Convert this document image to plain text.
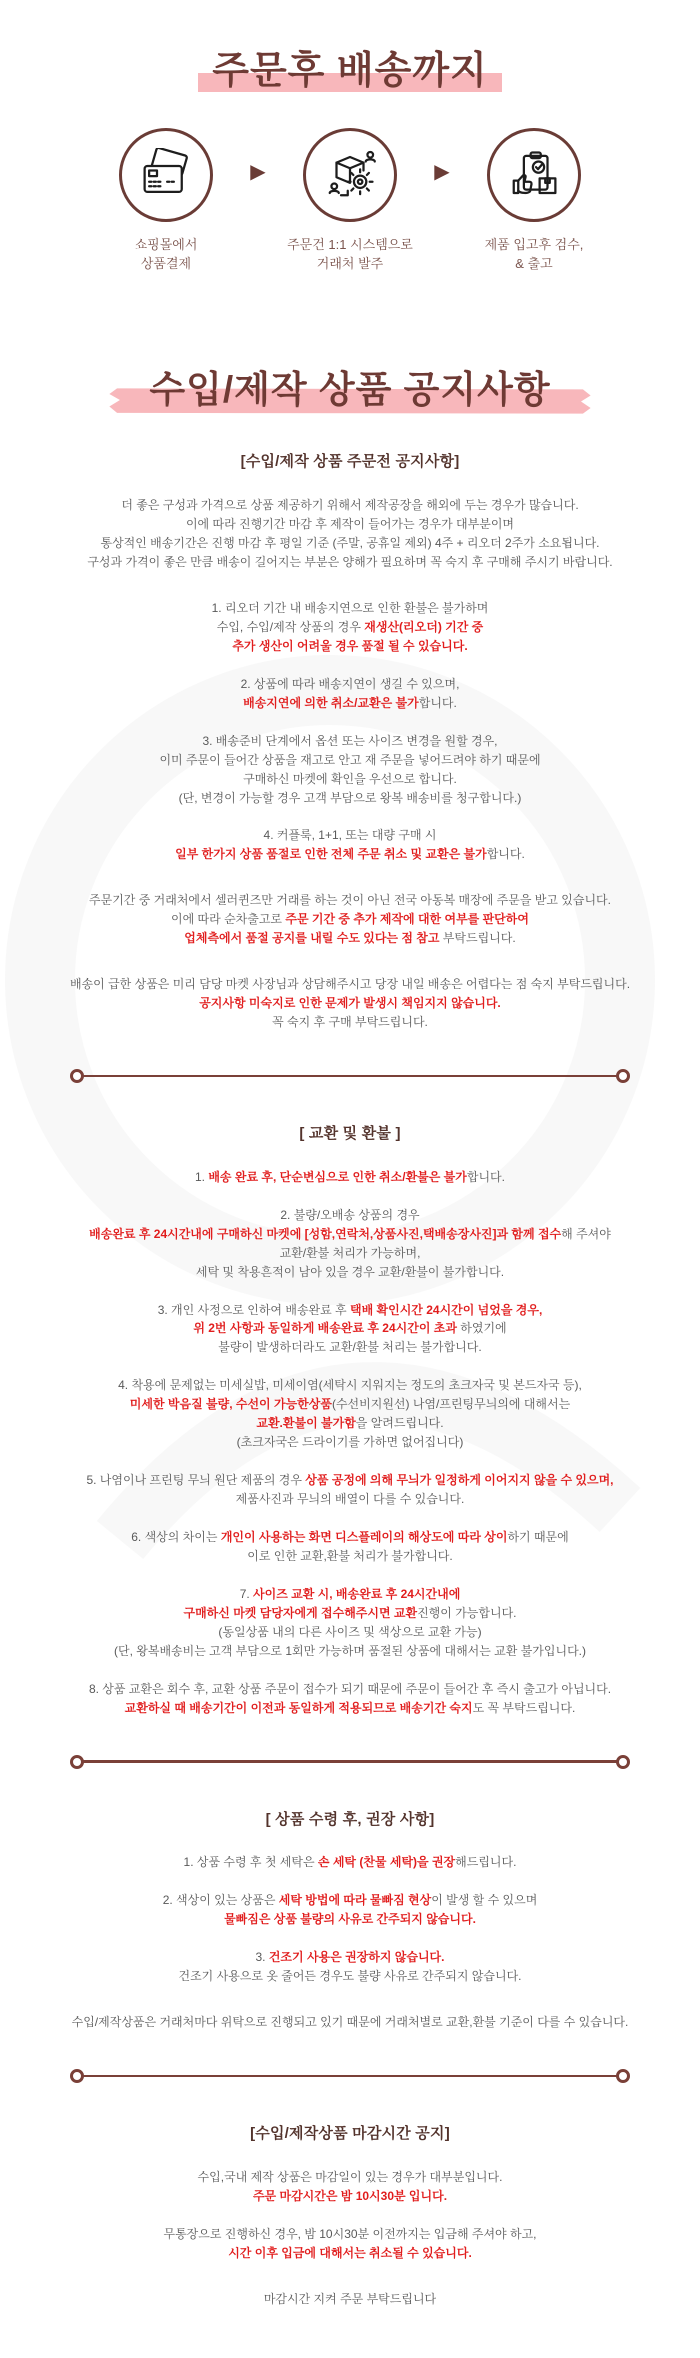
주문후 배송까지
쇼핑몰에서
상품결제
▶
주문건 1:1 시스템으로
거래처 발주
▶
제품 입고후 검수,
& 출고
수입/제작 상품 공지사항
[수입/제작 상품 주문전 공지사항]

더 좋은 구성과 가격으로 상품 제공하기 위해서 제작공장을 해외에 두는 경우가 많습니다.
이에 따라 진행기간 마감 후 제작이 들어가는 경우가 대부분이며
통상적인 배송기간은 진행 마감 후 평일 기준 (주말, 공휴일 제외) 4주 + 리오더 2주가 소요됩니다.
구성과 가격이 좋은 만큼 배송이 길어지는 부분은 양해가 필요하며 꼭 숙지 후 구매해 주시기 바랍니다.

1. 리오더 기간 내 배송지연으로 인한 환불은 불가하며
수입, 수입/제작 상품의 경우 재생산(리오더) 기간 중
추가 생산이 어려울 경우 품절 될 수 있습니다.

2. 상품에 따라 배송지연이 생길 수 있으며,
배송지연에 의한 취소/교환은 불가합니다.

3. 배송준비 단계에서 옵션 또는 사이즈 변경을 원할 경우,
이미 주문이 들어간 상품을 재고로 안고 재 주문을 넣어드려야 하기 때문에
구매하신 마켓에 확인을 우선으로 합니다.
(단, 변경이 가능할 경우 고객 부담으로 왕복 배송비를 청구합니다.)

4. 커플룩, 1+1, 또는 대량 구매 시
일부 한가지 상품 품절로 인한 전체 주문 취소 및 교환은 불가합니다.

주문기간 중 거래처에서 셀러퀸즈만 거래를 하는 것이 아닌 전국 아동복 매장에 주문을 받고 있습니다.
이에 따라 순차출고로 주문 기간 중 추가 제작에 대한 여부를 판단하여
업체측에서 품절 공지를 내릴 수도 있다는 점 참고 부탁드립니다.

배송이 급한 상품은 미리 담당 마켓 사장님과 상담해주시고 당장 내일 배송은 어렵다는 점 숙지 부탁드립니다.
공지사항 미숙지로 인한 문제가 발생시 책임지지 않습니다.
꼭 숙지 후 구매 부탁드립니다.

[ 교환 및 환불 ]

1. 배송 완료 후, 단순변심으로 인한 취소/환불은 불가합니다.

2. 불량/오배송 상품의 경우
배송완료 후 24시간내에 구매하신 마켓에 [성함,연락처,상품사진,택배송장사진]과 함께 접수해 주셔야
교환/환불 처리가 가능하며,
세탁 및 착용흔적이 남아 있을 경우 교환/환불이 불가합니다.

3. 개인 사정으로 인하여 배송완료 후 택배 확인시간 24시간이 넘었을 경우,
위 2번 사항과 동일하게 배송완료 후 24시간이 초과 하였기에
불량이 발생하더라도 교환/환불 처리는 불가합니다.

4. 착용에 문제없는 미세실밥, 미세이염(세탁시 지워지는 정도의 초크자국 및 본드자국 등),
미세한 박음질 불량, 수선이 가능한상품(수선비지원선) 나염/프린팅무늬의에 대해서는
교환.환불이 불가함을 알려드립니다.
(초크자국은 드라이기를 가하면 없어집니다)

5. 나염이나 프린팅 무늬 원단 제품의 경우 상품 공정에 의해 무늬가 일정하게 이어지지 않을 수 있으며,
제품사진과 무늬의 배열이 다를 수 있습니다.

6. 색상의 차이는 개인이 사용하는 화면 디스플레이의 해상도에 따라 상이하기 때문에
이로 인한 교환,환불 처리가 불가합니다.

7. 사이즈 교환 시, 배송완료 후 24시간내에
구매하신 마켓 담당자에게 접수해주시면 교환진행이 가능합니다.
(동일상품 내의 다른 사이즈 및 색상으로 교환 가능)
(단, 왕복배송비는 고객 부담으로 1회만 가능하며 품절된 상품에 대해서는 교환 불가입니다.)

8. 상품 교환은 회수 후, 교환 상품 주문이 접수가 되기 때문에 주문이 들어간 후 즉시 출고가 아닙니다.
교환하실 때 배송기간이 이전과 동일하게 적용되므로 배송기간 숙지도 꼭 부탁드립니다.

[ 상품 수령 후, 권장 사항]

1. 상품 수령 후 첫 세탁은 손 세탁 (찬물 세탁)을 권장해드립니다.

2. 색상이 있는 상품은 세탁 방법에 따라 물빠짐 현상이 발생 할 수 있으며
물빠짐은 상품 불량의 사유로 간주되지 않습니다.

3. 건조기 사용은 권장하지 않습니다.
건조기 사용으로 옷 줄어든 경우도 불량 사유로 간주되지 않습니다.

수입/제작상품은 거래처마다 위탁으로 진행되고 있기 때문에 거래처별로 교환,환불 기준이 다를 수 있습니다.

[수입/제작상품 마감시간 공지]

수입,국내 제작 상품은 마감일이 있는 경우가 대부분입니다.
주문 마감시간은 밤 10시30분 입니다.

무통장으로 진행하신 경우, 밤 10시30분 이전까지는 입금해 주셔야 하고,
시간 이후 입금에 대해서는 취소될 수 있습니다.

마감시간 지켜 주문 부탁드립니다
